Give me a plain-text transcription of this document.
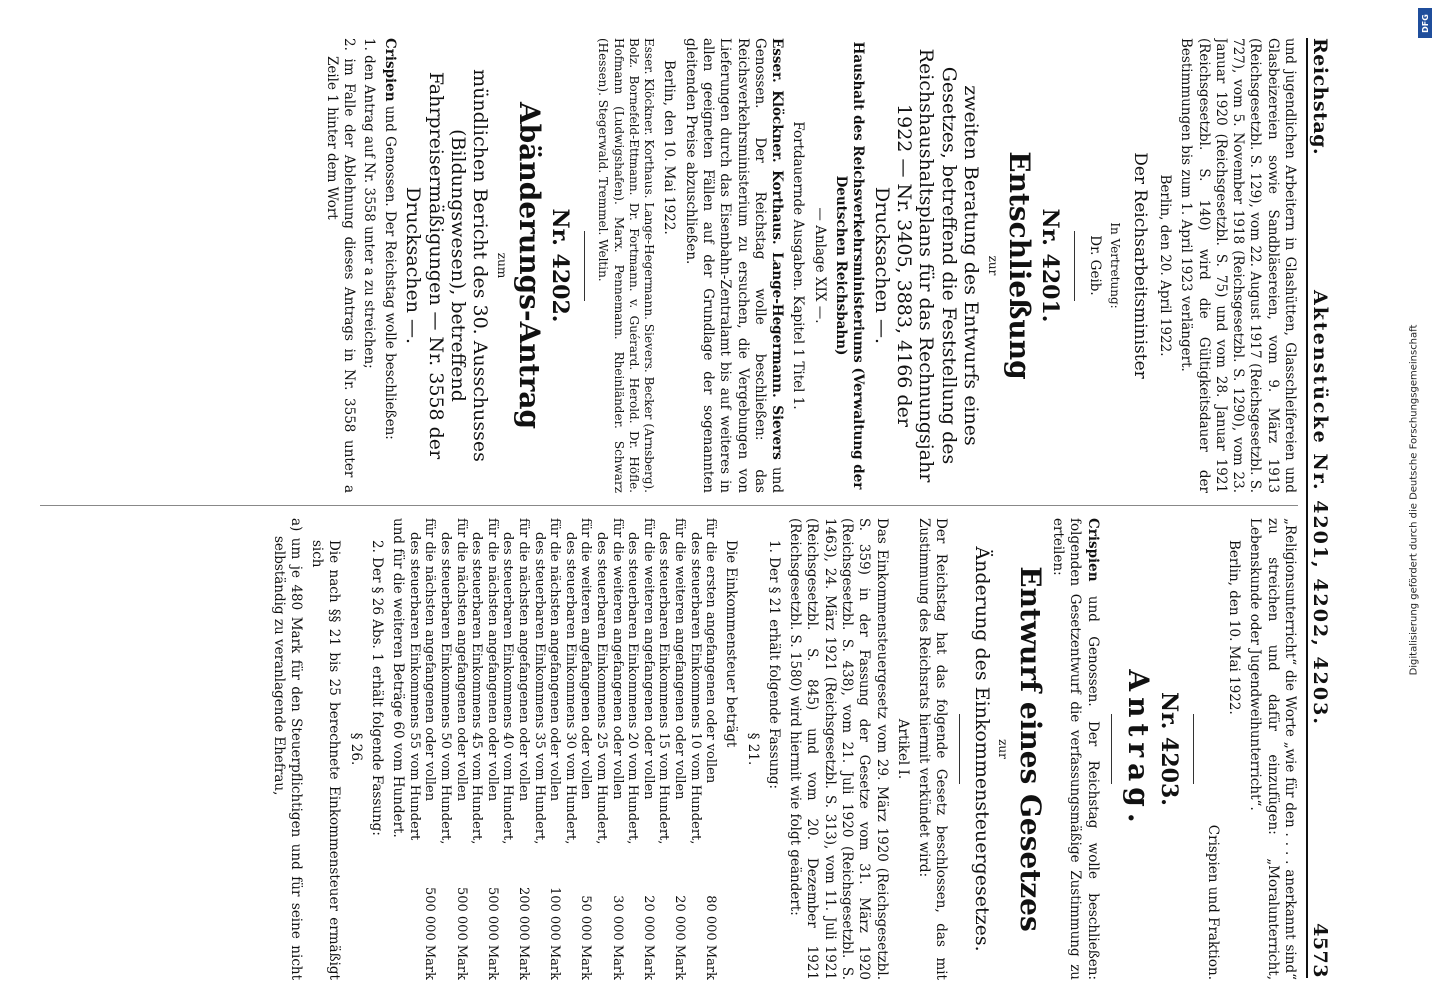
Reichstag.
Aktenstücke Nr. 4201, 4202, 4203.
4573

und jugendlichen Arbeitern in Glashütten, Glasschleifereien und Glasbeizereien sowie Sandbläsereien, vom 9. März 1913 (Reichsgesetzbl. S. 129), vom 22. August 1917 (Reichsgesetzbl. S. 727), vom 5. November 1918 (Reichsgesetzbl. S. 1290), vom 23. Januar 1920 (Reichsgesetzbl. S. 75) und vom 28. Januar 1921 (Reichsgesetzbl. S. 140) wird die Gültigkeitsdauer der Bestimmungen bis zum 1. April 1923 verlängert.

Berlin, den 20. April 1922.

Der Reichsarbeitsminister

In Vertretung:

Dr. Geib.

Nr. 4201.
Entschließung

zur

zweiten Beratung des Entwurfs eines Gesetzes, betreffend die Feststellung des Reichshaushaltsplans für das Rechnungsjahr 1922 — Nr. 3405, 3883, 4166 der Drucksachen —.

Haushalt des Reichsverkehrsministeriums (Verwaltung der Deutschen Reichsbahn)

— Anlage XIX —.

Fortdauernde Ausgaben. Kapitel 1 Titel 1.

Esser. Klöckner. Korthaus. Lange-Hegermann. Sievers und Genossen. Der Reichstag wolle beschließen: das Reichsverkehrsministerium zu ersuchen, die Vergebungen von Lieferungen durch das Eisenbahn-Zentralamt bis auf weiteres in allen geeigneten Fällen auf der Grundlage der sogenannten gleitenden Preise abzuschließen.

Berlin, den 10. Mai 1922.

Esser. Klöckner. Korthaus. Lange-Hegermann. Sievers. Becker (Arnsberg). Bolz. Bornefeld-Ettmann. Dr. Fortmann. v. Guérard. Herold. Dr. Höfle. Hofmann (Ludwigshafen). Marx. Pennemann. Rheinländer. Schwarz (Hessen). Stegerwald. Tremmel. Weltin.

Nr. 4202.
Abänderungs-Antrag

zum

mündlichen Bericht des 30. Ausschusses (Bildungswesen), betreffend Fahrpreisermäßigungen — Nr. 3558 der Drucksachen —.

Crispien und Genossen. Der Reichstag wolle beschließen:

1. den Antrag auf Nr. 3558 unter a zu streichen;

2. im Falle der Ablehnung dieses Antrags in Nr. 3558 unter a Zeile 1 hinter dem Wort

„Religionsunterricht“ die Worte „wie für den . . . . anerkannt sind“ zu streichen und dafür einzufügen: „Moralunterricht, Lebenskunde oder Jugendweihunterricht“.

Berlin, den 10. Mai 1922.

Crispien und Fraktion.

Nr. 4203.
Antrag.

Crispien und Genossen. Der Reichstag wolle beschließen: folgenden Gesetzentwurf die verfassungsmäßige Zustimmung zu erteilen:

Entwurf eines Gesetzes

zur

Änderung des Einkommensteuergesetzes.

Der Reichstag hat das folgende Gesetz beschlossen, das mit Zustimmung des Reichsrats hiermit verkündet wird:

Artikel I.

Das Einkommensteuergesetz vom 29. März 1920 (Reichsgesetzbl. S. 359) in der Fassung der Gesetze vom 31. März 1920 (Reichsgesetzbl. S. 438), vom 21. Juli 1920 (Reichsgesetzbl. S. 1463), 24. März 1921 (Reichsgesetzbl. S. 313), vom 11. Juli 1921 (Reichsgesetzbl. S. 845) und vom 20. Dezember 1921 (Reichsgesetzbl. S. 1580) wird hiermit wie folgt geändert:

1. Der § 21 erhält folgende Fassung:

§ 21.

Die Einkommensteuer beträgt

für die ersten angefangenen oder vollen	80 000 Mark
des steuerbaren Einkommens 10 vom Hundert,	
für die weiteren angefangenen oder vollen	20 000 Mark
des steuerbaren Einkommens 15 vom Hundert,	
für die weiteren angefangenen oder vollen	20 000 Mark
des steuerbaren Einkommens 20 vom Hundert,	
für die weiteren angefangenen oder vollen	30 000 Mark
des steuerbaren Einkommens 25 vom Hundert,	
für die weiteren angefangenen oder vollen	50 000 Mark
des steuerbaren Einkommens 30 vom Hundert,	
für die nächsten angefangenen oder vollen	100 000 Mark
des steuerbaren Einkommens 35 vom Hundert,	
für die nächsten angefangenen oder vollen	200 000 Mark
des steuerbaren Einkommens 40 vom Hundert,	
für die nächsten angefangenen oder vollen	500 000 Mark
des steuerbaren Einkommens 45 vom Hundert,	
für die nächsten angefangenen oder vollen	500 000 Mark
des steuerbaren Einkommens 50 vom Hundert,	
für die nächsten angefangenen oder vollen	500 000 Mark
des steuerbaren Einkommens 55 vom Hundert	

und für die weiteren Beträge 60 vom Hundert.

2. Der § 26 Abs. 1 erhält folgende Fassung:

§ 26.

Die nach §§ 21 bis 25 berechnete Einkommensteuer ermäßigt sich

a) um je 480 Mark für den Steuerpflichtigen und für seine nicht selbständig zu veranlagende Ehefrau,	Digitalisierung gefördert durch die Deutsche Forschungsgemeinschaft
DFG
